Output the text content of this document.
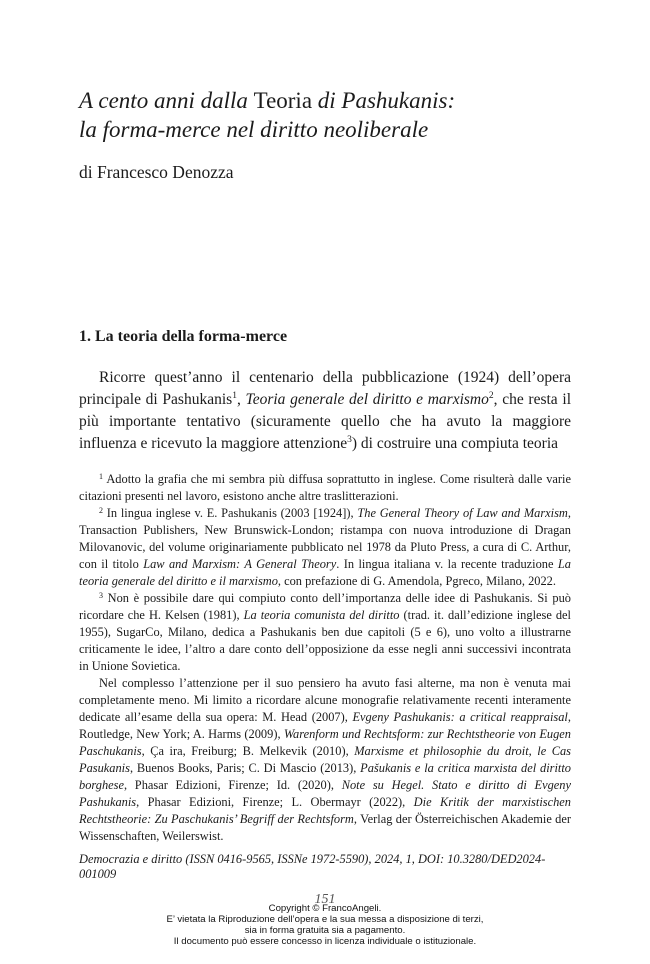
A cento anni dalla Teoria di Pashukanis:
la forma-merce nel diritto neoliberale

di Francesco Denozza

1. La teoria della forma-merce

Ricorre quest’anno il centenario della pubblicazione (1924) dell’opera principale di Pashukanis$^1$, Teoria generale del diritto e marxismo$^2$, che resta il più importante tentativo (sicuramente quello che ha avuto la maggiore influenza e ricevuto la maggiore attenzione$^3$) di costruire una compiuta teoria

$^1$ Adotto la grafia che mi sembra più diffusa soprattutto in inglese. Come risulterà dalle varie citazioni presenti nel lavoro, esistono anche altre traslitterazioni.

$^2$ In lingua inglese v. E. Pashukanis (2003 [1924]), The General Theory of Law and Marxism, Transaction Publishers, New Brunswick-London; ristampa con nuova introduzione di Dragan Milovanovic, del volume originariamente pubblicato nel 1978 da Pluto Press, a cura di C. Arthur, con il titolo Law and Marxism: A General Theory. In lingua italiana v. la recente traduzione La teoria generale del diritto e il marxismo, con prefazione di G. Amendola, Pgreco, Milano, 2022.

$^3$ Non è possibile dare qui compiuto conto dell’importanza delle idee di Pashukanis. Si può ricordare che H. Kelsen (1981), La teoria comunista del diritto (trad. it. dall’edizione inglese del 1955), SugarCo, Milano, dedica a Pashukanis ben due capitoli (5 e 6), uno volto a illustrarne criticamente le idee, l’altro a dare conto dell’opposizione da esse negli anni successivi incontrata in Unione Sovietica.

Nel complesso l’attenzione per il suo pensiero ha avuto fasi alterne, ma non è venuta mai completamente meno. Mi limito a ricordare alcune monografie relativamente recenti interamente dedicate all’esame della sua opera: M. Head (2007), Evgeny Pashukanis: a critical reappraisal, Routledge, New York; A. Harms (2009), Warenform und Rechtsform: zur Rechtstheorie von Eugen Paschukanis, Ça ira, Freiburg; B. Melkevik (2010), Marxisme et philosophie du droit, le Cas Pasukanis, Buenos Books, Paris; C. Di Mascio (2013), Pašukanis e la critica marxista del diritto borghese, Phasar Edizioni, Firenze; Id. (2020), Note su Hegel. Stato e diritto di Evgeny Pashukanis, Phasar Edizioni, Firenze; L. Obermayr (2022), Die Kritik der marxistischen Rechtstheorie: Zu Paschukanis’ Begriff der Rechtsform, Verlag der Österreichischen Akademie der Wissenschaften, Weilerswist.

Democrazia e diritto (ISSN 0416-9565, ISSNe 1972-5590), 2024, 1, DOI: 10.3280/DED2024-001009

151

Copyright © FrancoAngeli.
E’ vietata la Riproduzione dell’opera e la sua messa a disposizione di terzi,
sia in forma gratuita sia a pagamento.
Il documento può essere concesso in licenza individuale o istituzionale.
